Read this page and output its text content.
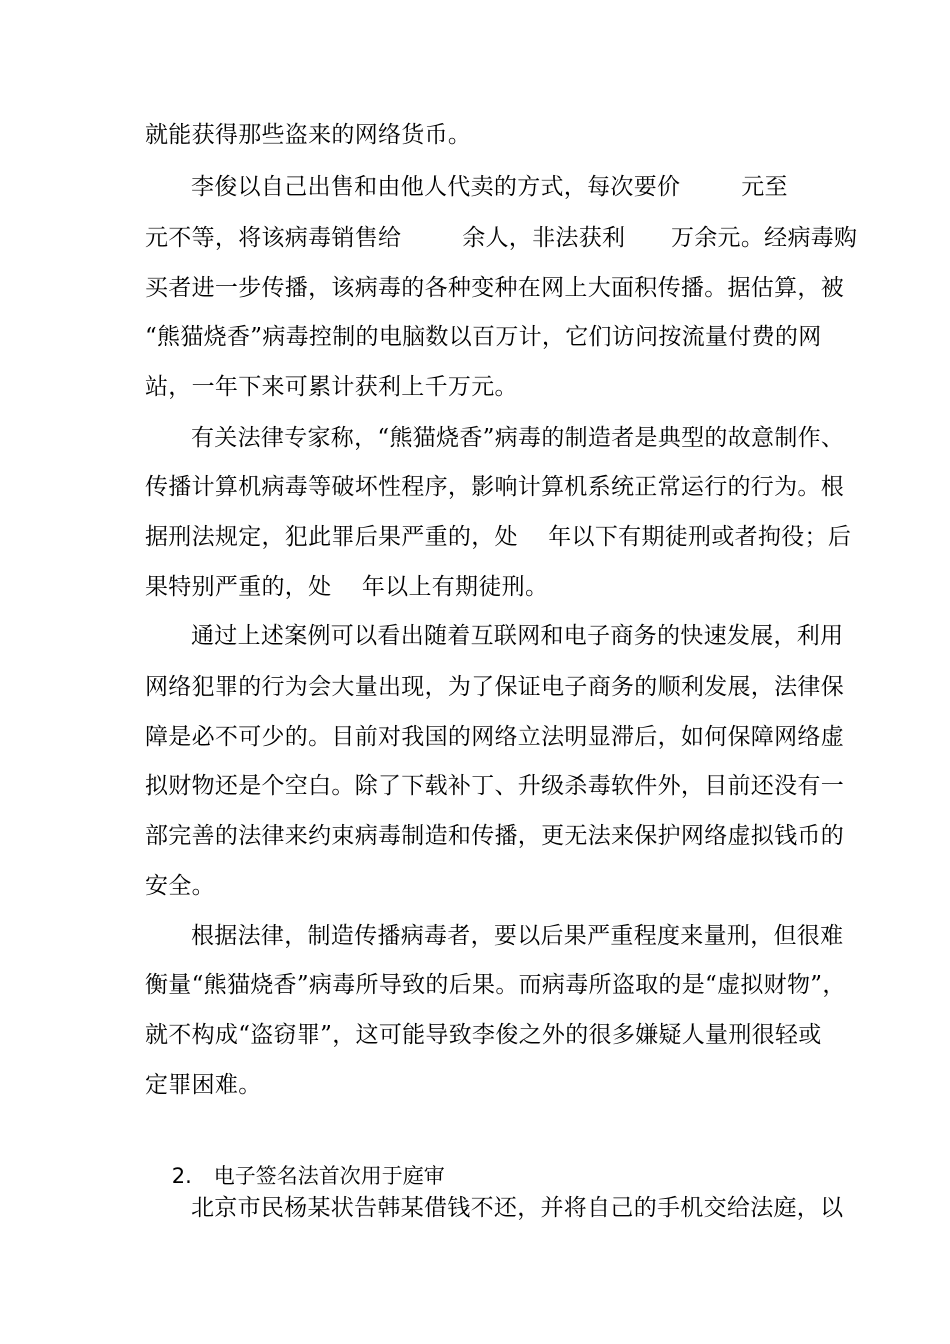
就能获得那些盗来的网络货币。
李俊以自己出售和由他人代卖的方式，每次要价        元至
元不等，将该病毒销售给        余人，非法获利      万余元。经病毒购
买者进一步传播，该病毒的各种变种在网上大面积传播。据估算，被
“熊猫烧香”病毒控制的电脑数以百万计，它们访问按流量付费的网
站，一年下来可累计获利上千万元。
有关法律专家称，“熊猫烧香”病毒的制造者是典型的故意制作、
传播计算机病毒等破坏性程序，影响计算机系统正常运行的行为。根
据刑法规定，犯此罪后果严重的，处    年以下有期徒刑或者拘役；后
果特别严重的，处    年以上有期徒刑。
通过上述案例可以看出随着互联网和电子商务的快速发展，利用
网络犯罪的行为会大量出现，为了保证电子商务的顺利发展，法律保
障是必不可少的。目前对我国的网络立法明显滞后，如何保障网络虚
拟财物还是个空白。除了下载补丁、升级杀毒软件外，目前还没有一
部完善的法律来约束病毒制造和传播，更无法来保护网络虚拟钱币的
安全。
根据法律，制造传播病毒者，要以后果严重程度来量刑，但很难
衡量“熊猫烧香”病毒所导致的后果。而病毒所盗取的是“虚拟财物”，
就不构成“盗窃罪”，这可能导致李俊之外的很多嫌疑人量刑很轻或
定罪困难。

2. 电子签名法首次用于庭审

北京市民杨某状告韩某借钱不还，并将自己的手机交给法庭，以
